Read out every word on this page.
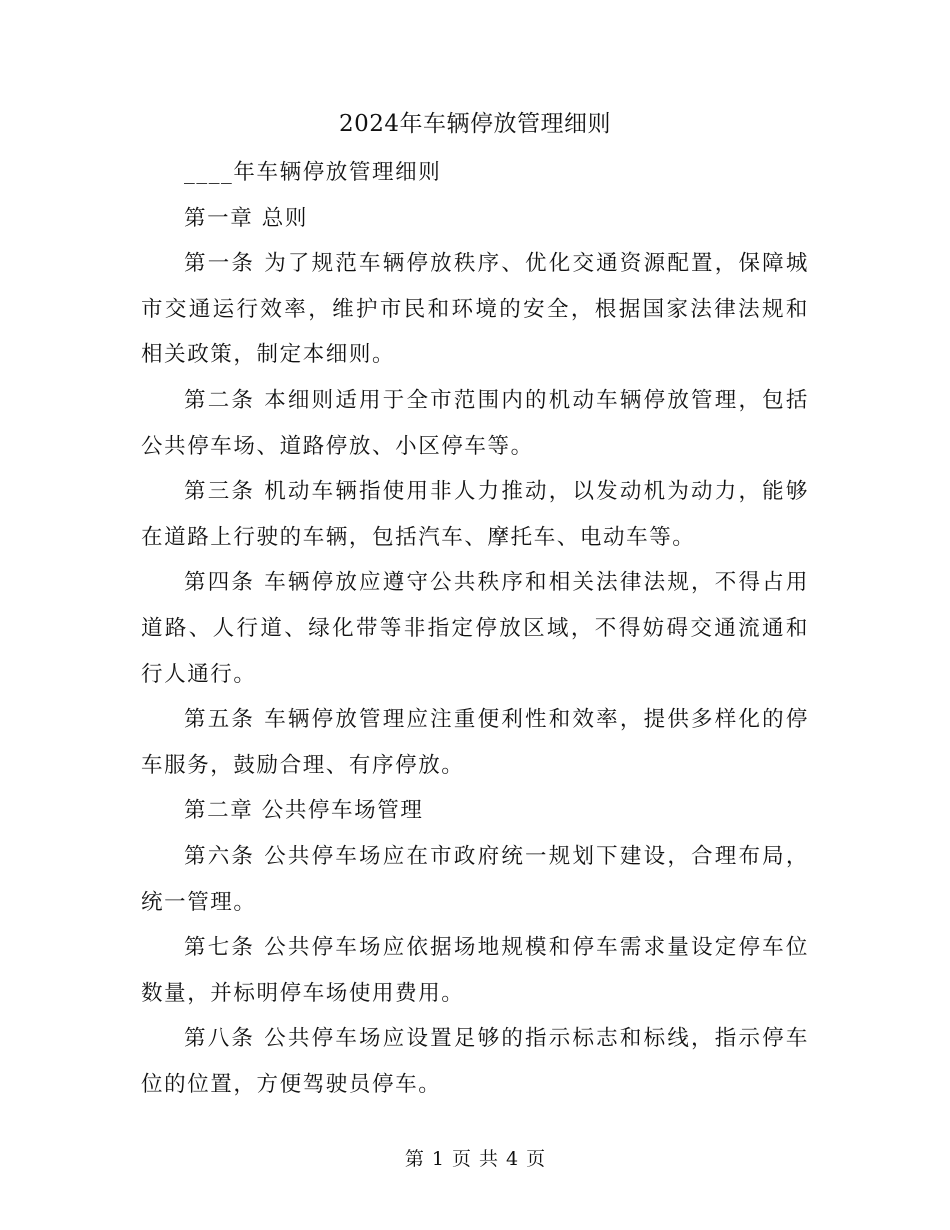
2024年车辆停放管理细则

____年车辆停放管理细则

第一章 总则

第一条 为了规范车辆停放秩序、优化交通资源配置，保障城市交通运行效率，维护市民和环境的安全，根据国家法律法规和相关政策，制定本细则。

第二条 本细则适用于全市范围内的机动车辆停放管理，包括公共停车场、道路停放、小区停车等。

第三条 机动车辆指使用非人力推动，以发动机为动力，能够在道路上行驶的车辆，包括汽车、摩托车、电动车等。

第四条 车辆停放应遵守公共秩序和相关法律法规，不得占用道路、人行道、绿化带等非指定停放区域，不得妨碍交通流通和行人通行。

第五条 车辆停放管理应注重便利性和效率，提供多样化的停车服务，鼓励合理、有序停放。

第二章 公共停车场管理

第六条 公共停车场应在市政府统一规划下建设，合理布局，统一管理。

第七条 公共停车场应依据场地规模和停车需求量设定停车位数量，并标明停车场使用费用。

第八条 公共停车场应设置足够的指示标志和标线，指示停车位的位置，方便驾驶员停车。

第 1 页 共 4 页
